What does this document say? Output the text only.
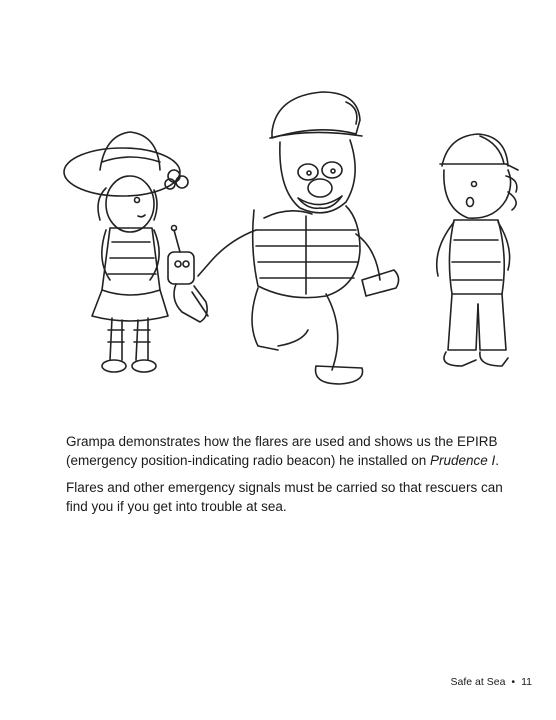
Grampa demonstrates how the flares are used and shows us the EPIRB (emergency position-indicating radio beacon) he installed on Prudence I.

Flares and other emergency signals must be carried so that rescuers can find you if you get into trouble at sea.

Safe at Sea • 11
